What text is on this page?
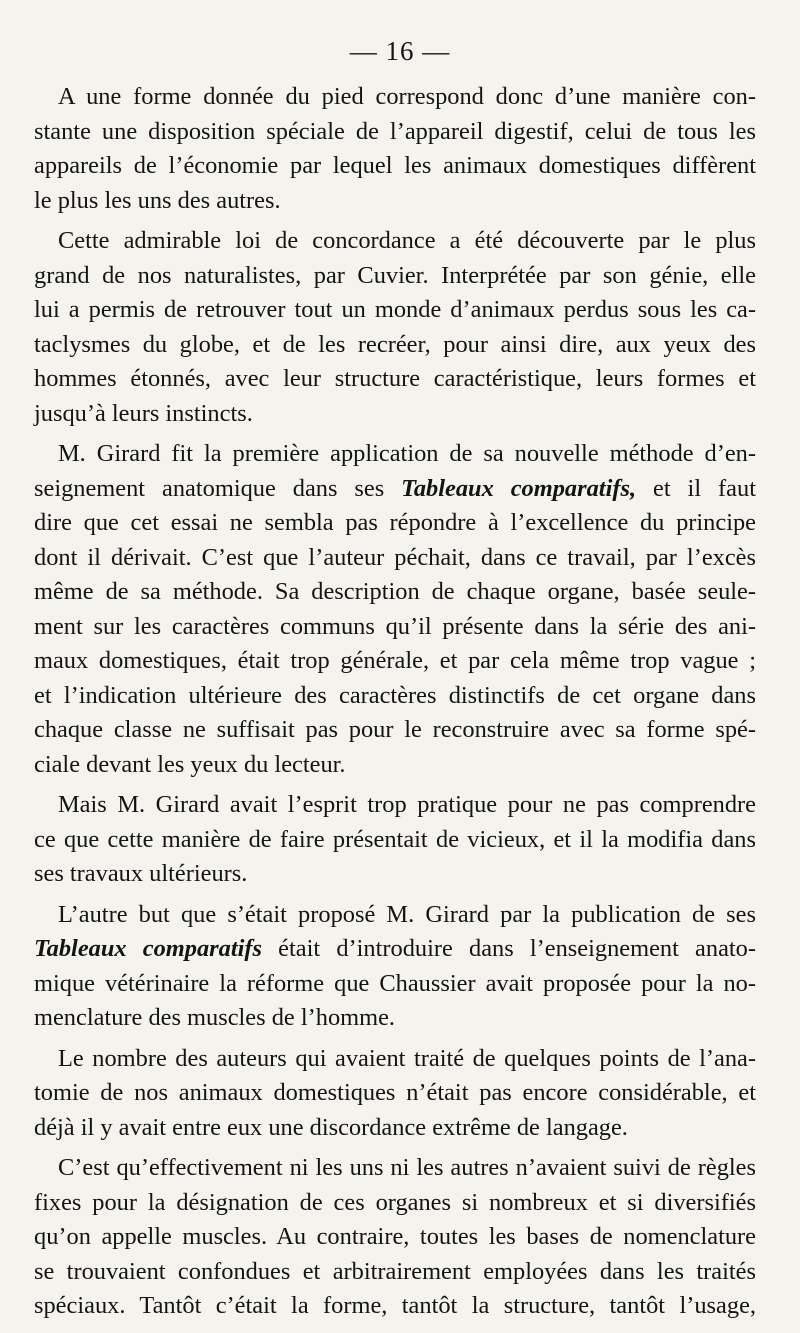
— 16 —

A une forme donnée du pied correspond donc d’une manière con-
stante une disposition spéciale de l’appareil digestif, celui de tous les
appareils de l’économie par lequel les animaux domestiques diffèrent
le plus les uns des autres.

Cette admirable loi de concordance a été découverte par le plus
grand de nos naturalistes, par Cuvier. Interprétée par son génie, elle
lui a permis de retrouver tout un monde d’animaux perdus sous les ca-
taclysmes du globe, et de les recréer, pour ainsi dire, aux yeux des
hommes étonnés, avec leur structure caractéristique, leurs formes et
jusqu’à leurs instincts.

M. Girard fit la première application de sa nouvelle méthode d’en-
seignement anatomique dans ses Tableaux comparatifs, et il faut
dire que cet essai ne sembla pas répondre à l’excellence du principe
dont il dérivait. C’est que l’auteur péchait, dans ce travail, par l’excès
même de sa méthode. Sa description de chaque organe, basée seule-
ment sur les caractères communs qu’il présente dans la série des ani-
maux domestiques, était trop générale, et par cela même trop vague ;
et l’indication ultérieure des caractères distinctifs de cet organe dans
chaque classe ne suffisait pas pour le reconstruire avec sa forme spé-
ciale devant les yeux du lecteur.

Mais M. Girard avait l’esprit trop pratique pour ne pas comprendre
ce que cette manière de faire présentait de vicieux, et il la modifia dans
ses travaux ultérieurs.

L’autre but que s’était proposé M. Girard par la publication de ses
Tableaux comparatifs était d’introduire dans l’enseignement anato-
mique vétérinaire la réforme que Chaussier avait proposée pour la no-
menclature des muscles de l’homme.

Le nombre des auteurs qui avaient traité de quelques points de l’ana-
tomie de nos animaux domestiques n’était pas encore considérable, et
déjà il y avait entre eux une discordance extrême de langage.

C’est qu’effectivement ni les uns ni les autres n’avaient suivi de règles
fixes pour la désignation de ces organes si nombreux et si diversifiés
qu’on appelle muscles. Au contraire, toutes les bases de nomenclature
se trouvaient confondues et arbitrairement employées dans les traités
spéciaux. Tantôt c’était la forme, tantôt la structure, tantôt l’usage,
